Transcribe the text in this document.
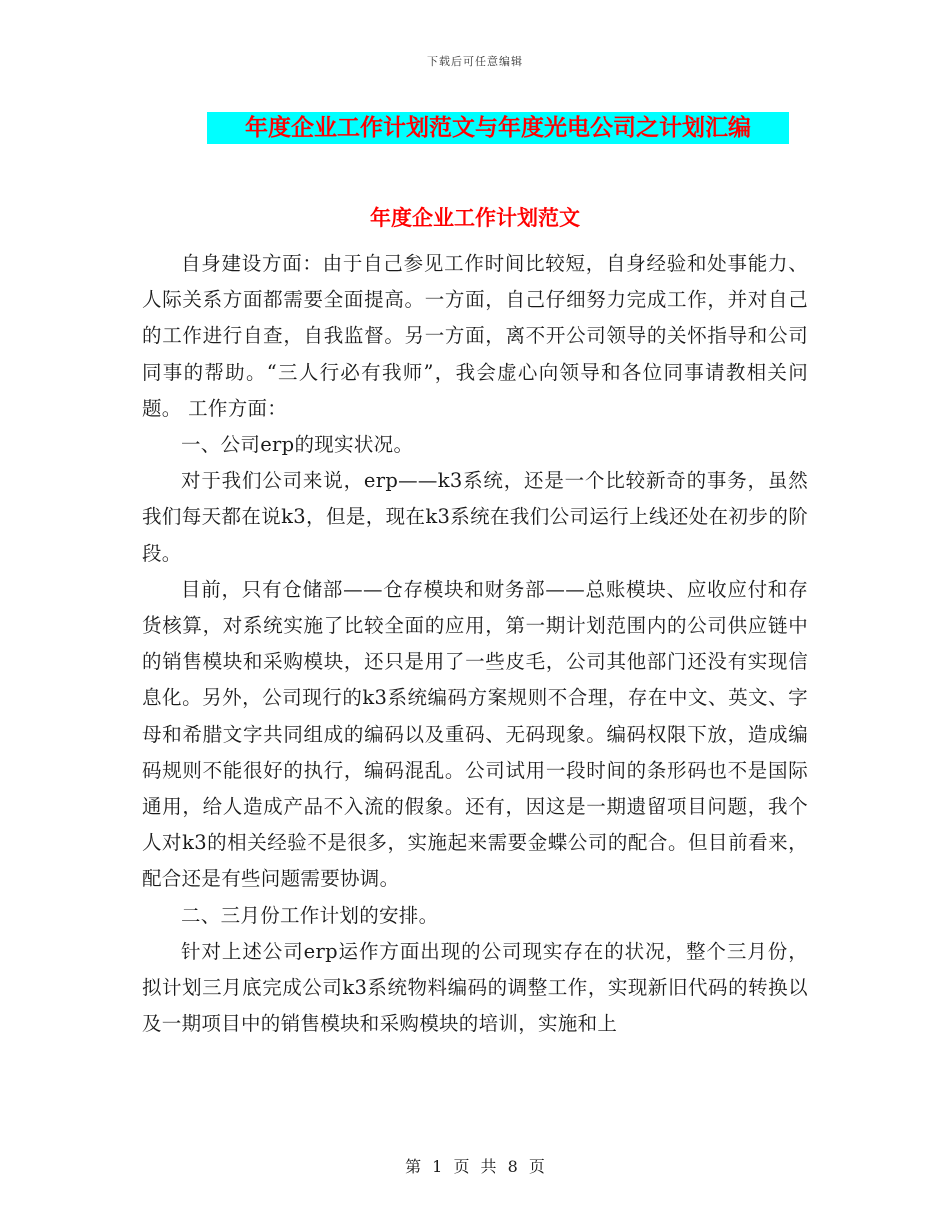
下载后可任意编辑
年度企业工作计划范文与年度光电公司之计划汇编
年度企业工作计划范文

自身建设方面：由于自己参见工作时间比较短，自身经验和处事能力、人际关系方面都需要全面提高。一方面，自己仔细努力完成工作，并对自己的工作进行自查，自我监督。另一方面，离不开公司领导的关怀指导和公司同事的帮助。“三人行必有我师”，我会虚心向领导和各位同事请教相关问题。 工作方面：

一、公司erp的现实状况。

对于我们公司来说，erp——k3系统，还是一个比较新奇的事务，虽然我们每天都在说k3，但是，现在k3系统在我们公司运行上线还处在初步的阶段。

目前，只有仓储部——仓存模块和财务部——总账模块、应收应付和存货核算，对系统实施了比较全面的应用，第一期计划范围内的公司供应链中的销售模块和采购模块，还只是用了一些皮毛，公司其他部门还没有实现信息化。另外，公司现行的k3系统编码方案规则不合理，存在中文、英文、字母和希腊文字共同组成的编码以及重码、无码现象。编码权限下放，造成编码规则不能很好的执行，编码混乱。公司试用一段时间的条形码也不是国际通用，给人造成产品不入流的假象。还有，因这是一期遗留项目问题，我个人对k3的相关经验不是很多，实施起来需要金蝶公司的配合。但目前看来，配合还是有些问题需要协调。

二、三月份工作计划的安排。

针对上述公司erp运作方面出现的公司现实存在的状况，整个三月份，拟计划三月底完成公司k3系统物料编码的调整工作，实现新旧代码的转换以及一期项目中的销售模块和采购模块的培训，实施和上

第 1 页 共 8 页
